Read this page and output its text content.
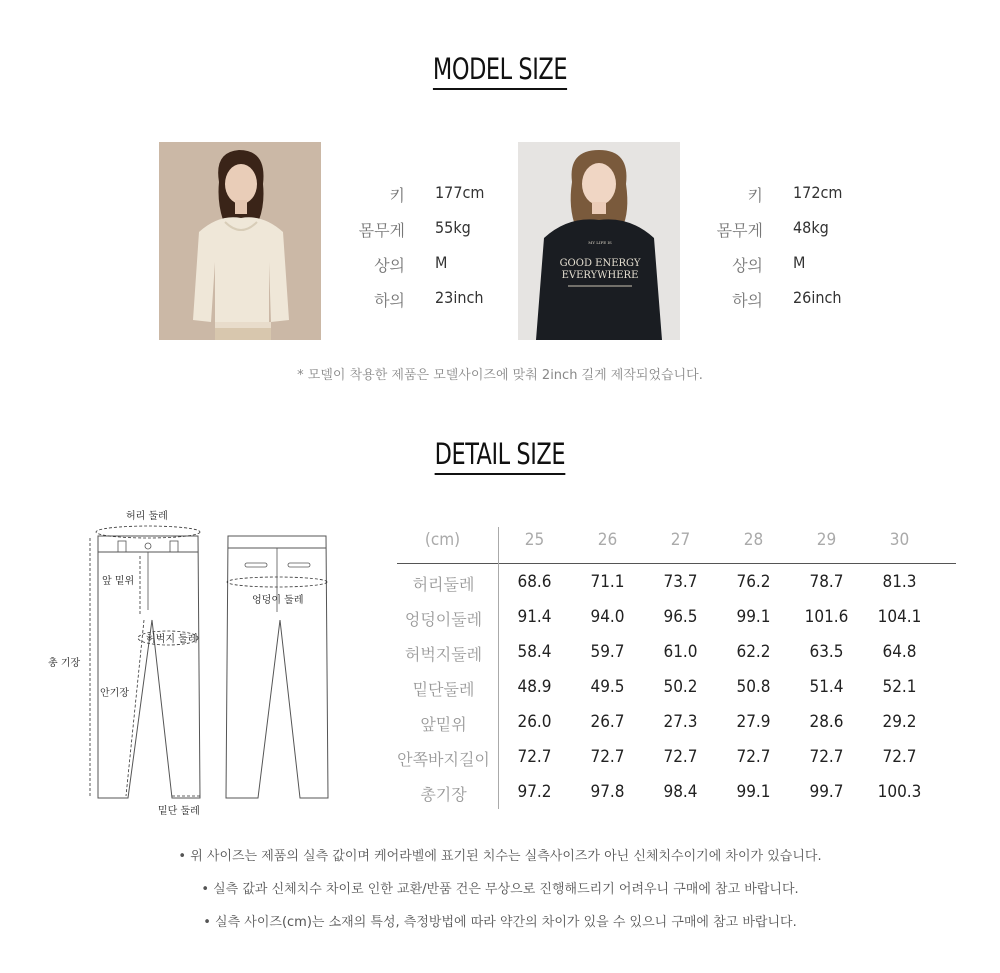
MODEL SIZE
키 177cm
몸무게 55kg
상의 M
하의 23inch
MY LIFE IS
GOOD ENERGY
EVERYWHERE
키 172cm
몸무게 48kg
상의 M
하의 26inch
* 모델이 착용한 제품은 모델사이즈에 맞춰 2inch 길게 제작되었습니다.
DETAIL SIZE
허리 둘레
앞 밑위
총 기장
허벅지 둘레
안기장
밑단 둘레
엉덩이 둘레
(cm)	25	26	27	28	29	30
허리둘레	68.6	71.1	73.7	76.2	78.7	81.3
엉덩이둘레	91.4	94.0	96.5	99.1	101.6	104.1
허벅지둘레	58.4	59.7	61.0	62.2	63.5	64.8
밑단둘레	48.9	49.5	50.2	50.8	51.4	52.1
앞밑위	26.0	26.7	27.3	27.9	28.6	29.2
안쪽바지길이	72.7	72.7	72.7	72.7	72.7	72.7
총기장	97.2	97.8	98.4	99.1	99.7	100.3
• 위 사이즈는 제품의 실측 값이며 케어라벨에 표기된 치수는 실측사이즈가 아닌 신체치수이기에 차이가 있습니다.
• 실측 값과 신체치수 차이로 인한 교환/반품 건은 무상으로 진행해드리기 어려우니 구매에 참고 바랍니다.
• 실측 사이즈(cm)는 소재의 특성, 측정방법에 따라 약간의 차이가 있을 수 있으니 구매에 참고 바랍니다.
